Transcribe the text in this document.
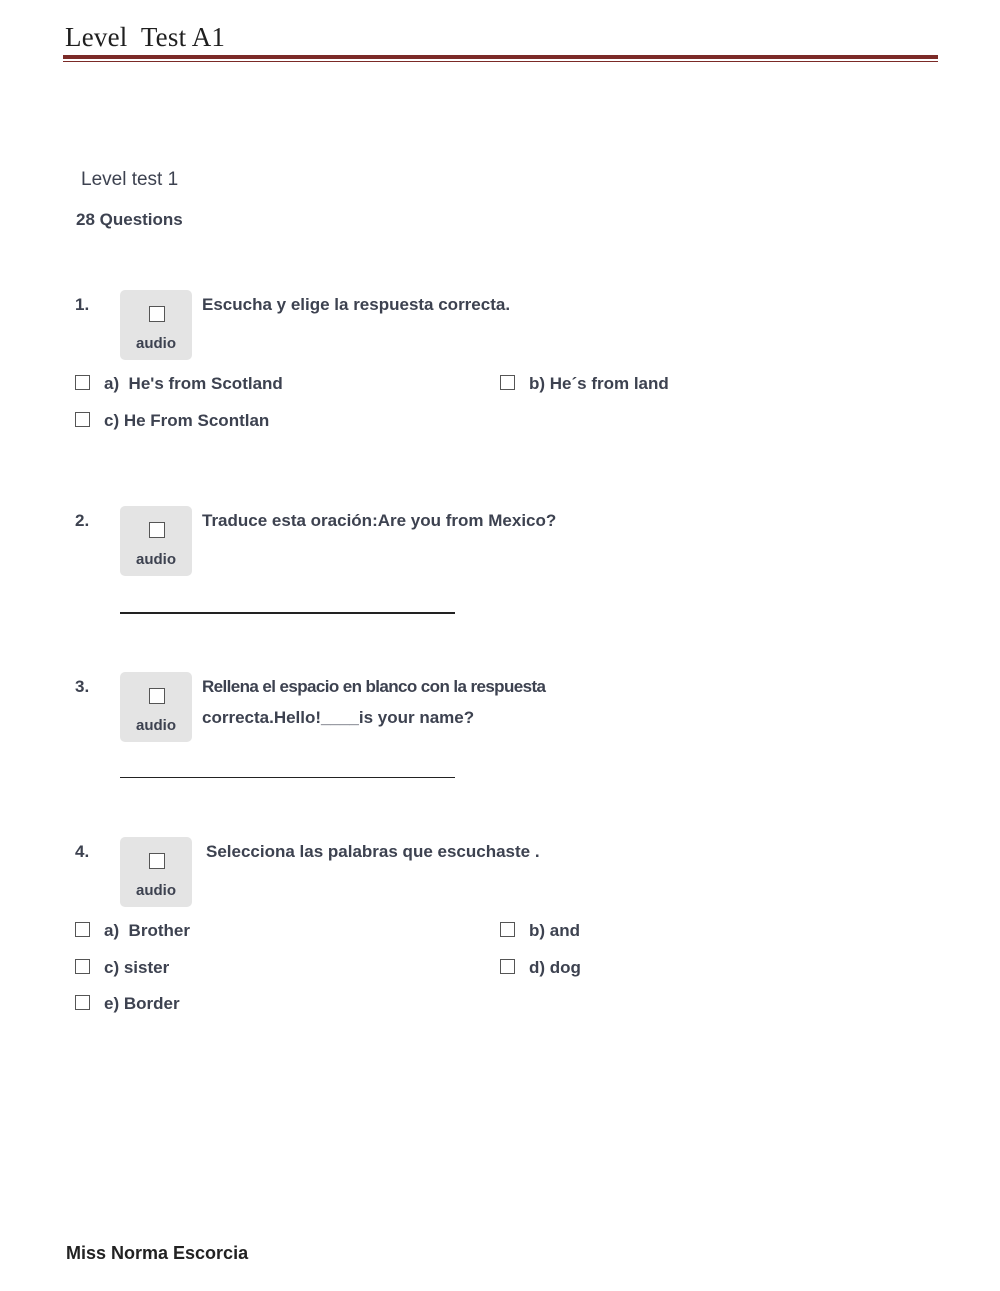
Level  Test A1
Level test 1
28 Questions
1.
audio
Escucha y elige la respuesta correcta.
a)  He's from Scotland	b) He´s from land
c) He From Scontlan
2.
audio
Traduce esta oración:Are you from Mexico?
3.
audio
Rellena el espacio en blanco con la respuesta
correcta.Hello!____is your name?
4.
audio
Selecciona las palabras que escuchaste .
a)  Brother	b) and
c) sister	d) dog
e) Border
Miss Norma Escorcia
